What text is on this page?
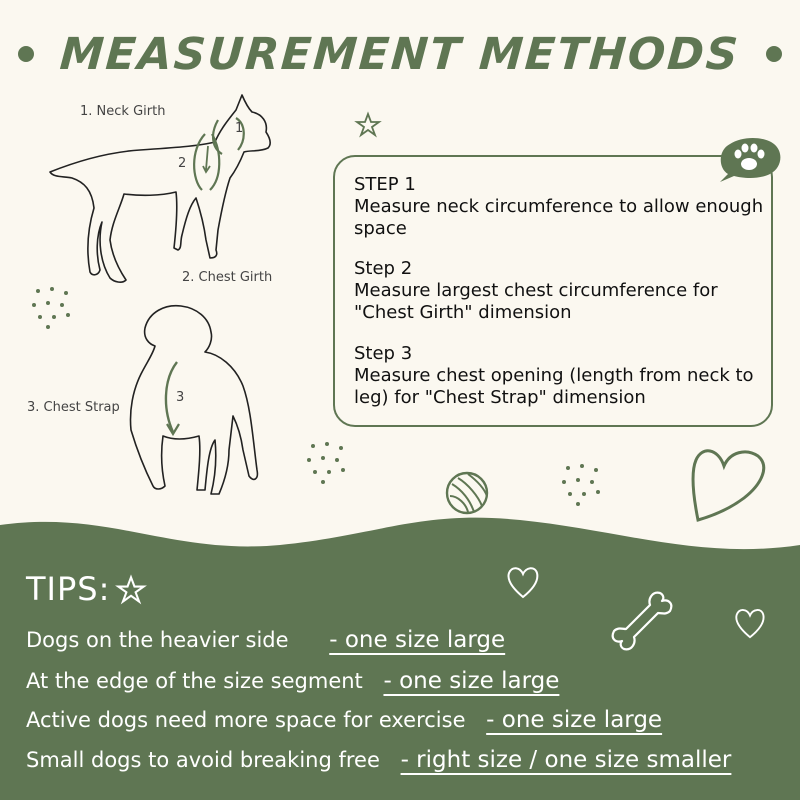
MEASUREMENT METHODS
1. Neck Girth
1
2
2. Chest Girth
3. Chest Strap
3
STEP 1
Measure neck circumference to allow enough space
Step 2
Measure largest chest circumference for "Chest Girth" dimension
Step 3
Measure chest opening (length from neck to leg) for "Chest Strap" dimension
TIPS:
Dogs on the heavier side - one size large
At the edge of the size segment - one size large
Active dogs need more space for exercise - one size large
Small dogs to avoid breaking free - right size / one size smaller
